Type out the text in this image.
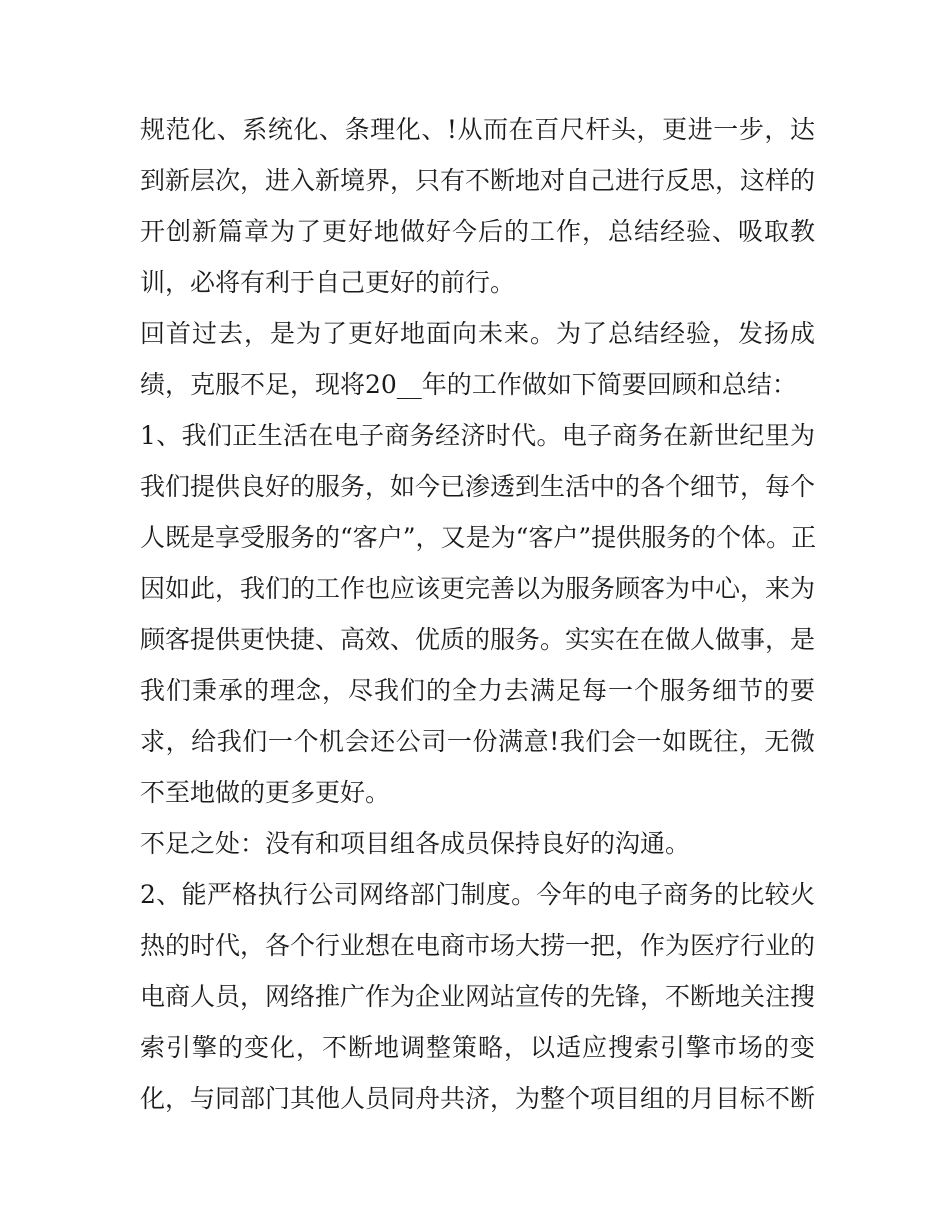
规范化、系统化、条理化、!从而在百尺杆头，更进一步，达
到新层次，进入新境界，只有不断地对自己进行反思，这样的
开创新篇章为了更好地做好今后的工作，总结经验、吸取教
训，必将有利于自己更好的前行。
回首过去，是为了更好地面向未来。为了总结经验，发扬成
绩，克服不足，现将20__年的工作做如下简要回顾和总结：
1、我们正生活在电子商务经济时代。电子商务在新世纪里为
我们提供良好的服务，如今已渗透到生活中的各个细节，每个
人既是享受服务的“客户”，又是为“客户”提供服务的个体。正
因如此，我们的工作也应该更完善以为服务顾客为中心，来为
顾客提供更快捷、高效、优质的服务。实实在在做人做事，是
我们秉承的理念，尽我们的全力去满足每一个服务细节的要
求，给我们一个机会还公司一份满意!我们会一如既往，无微
不至地做的更多更好。
不足之处：没有和项目组各成员保持良好的沟通。
2、能严格执行公司网络部门制度。今年的电子商务的比较火
热的时代，各个行业想在电商市场大捞一把，作为医疗行业的
电商人员，网络推广作为企业网站宣传的先锋，不断地关注搜
索引擎的变化，不断地调整策略，以适应搜索引擎市场的变
化，与同部门其他人员同舟共济，为整个项目组的月目标不断
